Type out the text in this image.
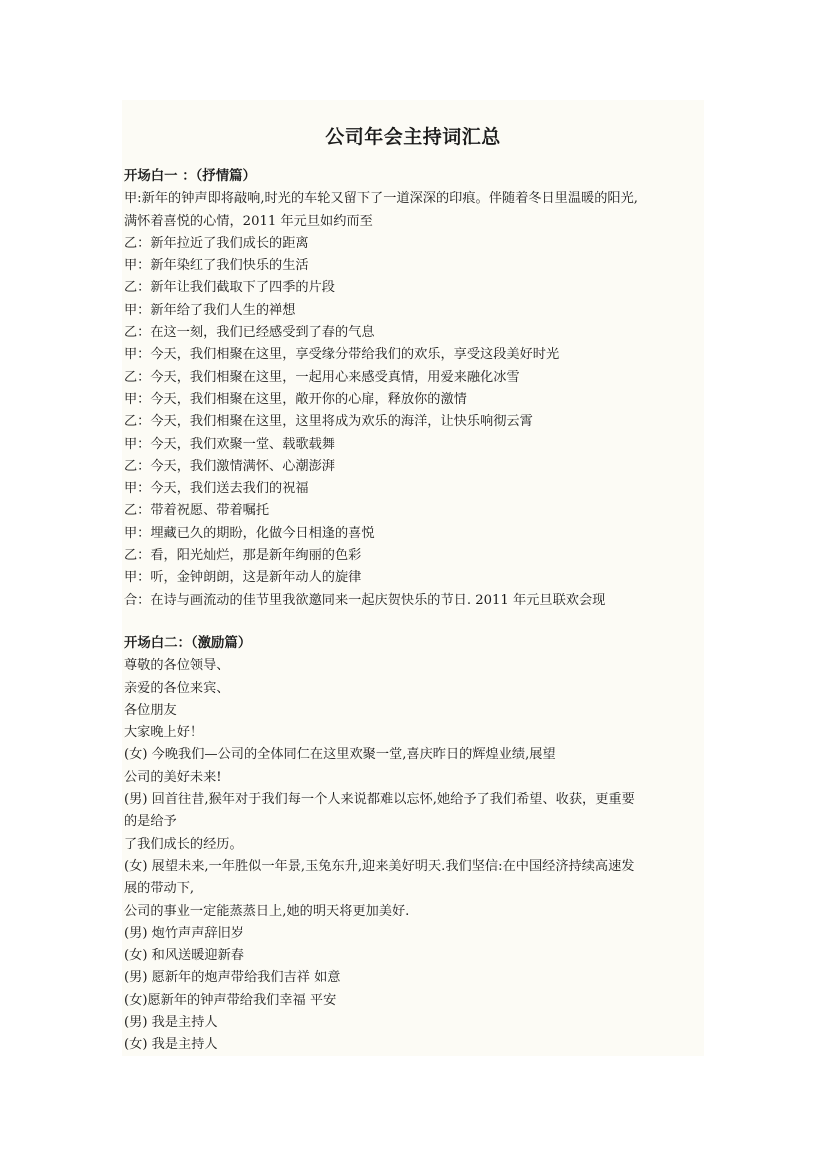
公司年会主持词汇总

开场白一 ：（抒情篇）

甲:新年的钟声即将敲响,时光的车轮又留下了一道深深的印痕。伴随着冬日里温暖的阳光,

满怀着喜悦的心情，2011 年元旦如约而至

乙：新年拉近了我们成长的距离

甲：新年染红了我们快乐的生活

乙：新年让我们截取下了四季的片段

甲：新年给了我们人生的禅想

乙：在这一刻，我们已经感受到了春的气息

甲：今天，我们相聚在这里，享受缘分带给我们的欢乐，享受这段美好时光

乙：今天，我们相聚在这里，一起用心来感受真情，用爱来融化冰雪

甲：今天，我们相聚在这里，敞开你的心扉，释放你的激情

乙：今天，我们相聚在这里，这里将成为欢乐的海洋，让快乐响彻云霄

甲：今天，我们欢聚一堂、载歌载舞

乙：今天，我们激情满怀、心潮澎湃

甲：今天，我们送去我们的祝福

乙：带着祝愿、带着嘱托

甲：埋藏已久的期盼，化做今日相逢的喜悦

乙：看，阳光灿烂，那是新年绚丽的色彩

甲：听，金钟朗朗，这是新年动人的旋律

合：在诗与画流动的佳节里我欲邀同来一起庆贺快乐的节日. 2011 年元旦联欢会现

开场白二：（激励篇）

尊敬的各位领导、

亲爱的各位来宾、

各位朋友

大家晚上好！

(女) 今晚我们—公司的全体同仁在这里欢聚一堂,喜庆昨日的辉煌业绩,展望

公司的美好未来!

(男) 回首往昔,猴年对于我们每一个人来说都难以忘怀,她给予了我们希望、收获，更重要

的是给予

了我们成长的经历。

(女) 展望未来,一年胜似一年景,玉兔东升,迎来美好明天.我们坚信:在中国经济持续高速发

展的带动下,

公司的事业一定能蒸蒸日上,她的明天将更加美好.

(男) 炮竹声声辞旧岁

(女) 和风送暖迎新春

(男) 愿新年的炮声带给我们吉祥 如意

(女)愿新年的钟声带给我们幸福 平安

(男) 我是主持人

(女) 我是主持人
